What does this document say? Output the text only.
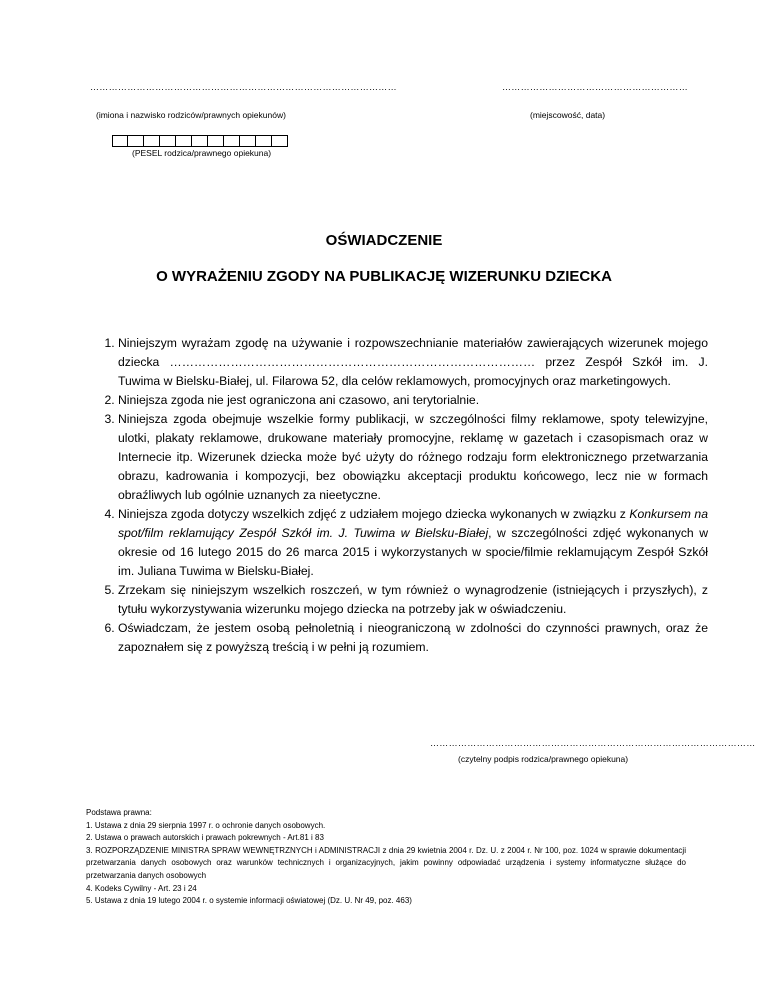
………………………………………………………………………………………
(imiona i nazwisko rodziców/prawnych opiekunów)
……………………………………………………
(miejscowość, data)
(PESEL rodzica/prawnego opiekuna)
OŚWIADCZENIE
O WYRAŻENIU ZGODY NA PUBLIKACJĘ WIZERUNKU DZIECKA
1. Niniejszym wyrażam zgodę na używanie i rozpowszechnianie materiałów zawierających wizerunek mojego dziecka ……………………………………………………………………………… przez Zespół Szkół im. J. Tuwima w Bielsku-Białej, ul. Filarowa 52, dla celów reklamowych, promocyjnych oraz marketingowych.
2. Niniejsza zgoda nie jest ograniczona ani czasowo, ani terytorialnie.
3. Niniejsza zgoda obejmuje wszelkie formy publikacji, w szczególności filmy reklamowe, spoty telewizyjne, ulotki, plakaty reklamowe, drukowane materiały promocyjne, reklamę w gazetach i czasopismach oraz w Internecie itp. Wizerunek dziecka może być użyty do różnego rodzaju form elektronicznego przetwarzania obrazu, kadrowania i kompozycji, bez obowiązku akceptacji produktu końcowego, lecz nie w formach obraźliwych lub ogólnie uznanych za nieetyczne.
4. Niniejsza zgoda dotyczy wszelkich zdjęć z udziałem mojego dziecka wykonanych w związku z Konkursem na spot/film reklamujący Zespół Szkół im. J. Tuwima w Bielsku-Białej, w szczególności zdjęć wykonanych w okresie od 16 lutego 2015 do 26 marca 2015 i wykorzystanych w spocie/filmie reklamującym Zespół Szkół im. Juliana Tuwima w Bielsku-Białej.
5. Zrzekam się niniejszym wszelkich roszczeń, w tym również o wynagrodzenie (istniejących i przyszłych), z tytułu wykorzystywania wizerunku mojego dziecka na potrzeby jak w oświadczeniu.
6. Oświadczam, że jestem osobą pełnoletnią i nieograniczoną w zdolności do czynności prawnych, oraz że zapoznałem się z powyższą treścią i w pełni ją rozumiem.
……………………………………………………………………………………………
(czytelny podpis rodzica/prawnego opiekuna)
Podstawa prawna:
1. Ustawa z dnia 29 sierpnia 1997 r. o ochronie danych osobowych.
2. Ustawa o prawach autorskich i prawach pokrewnych - Art.81 i 83
3. ROZPORZĄDZENIE MINISTRA SPRAW WEWNĘTRZNYCH i ADMINISTRACJI z dnia 29 kwietnia 2004 r. Dz. U. z 2004 r. Nr 100, poz. 1024 w sprawie dokumentacji przetwarzania danych osobowych oraz warunków technicznych i organizacyjnych, jakim powinny odpowiadać urządzenia i systemy informatyczne służące do przetwarzania danych osobowych
4. Kodeks Cywilny - Art. 23 i 24
5. Ustawa z dnia 19 lutego 2004 r. o systemie informacji oświatowej (Dz. U. Nr 49, poz. 463)
